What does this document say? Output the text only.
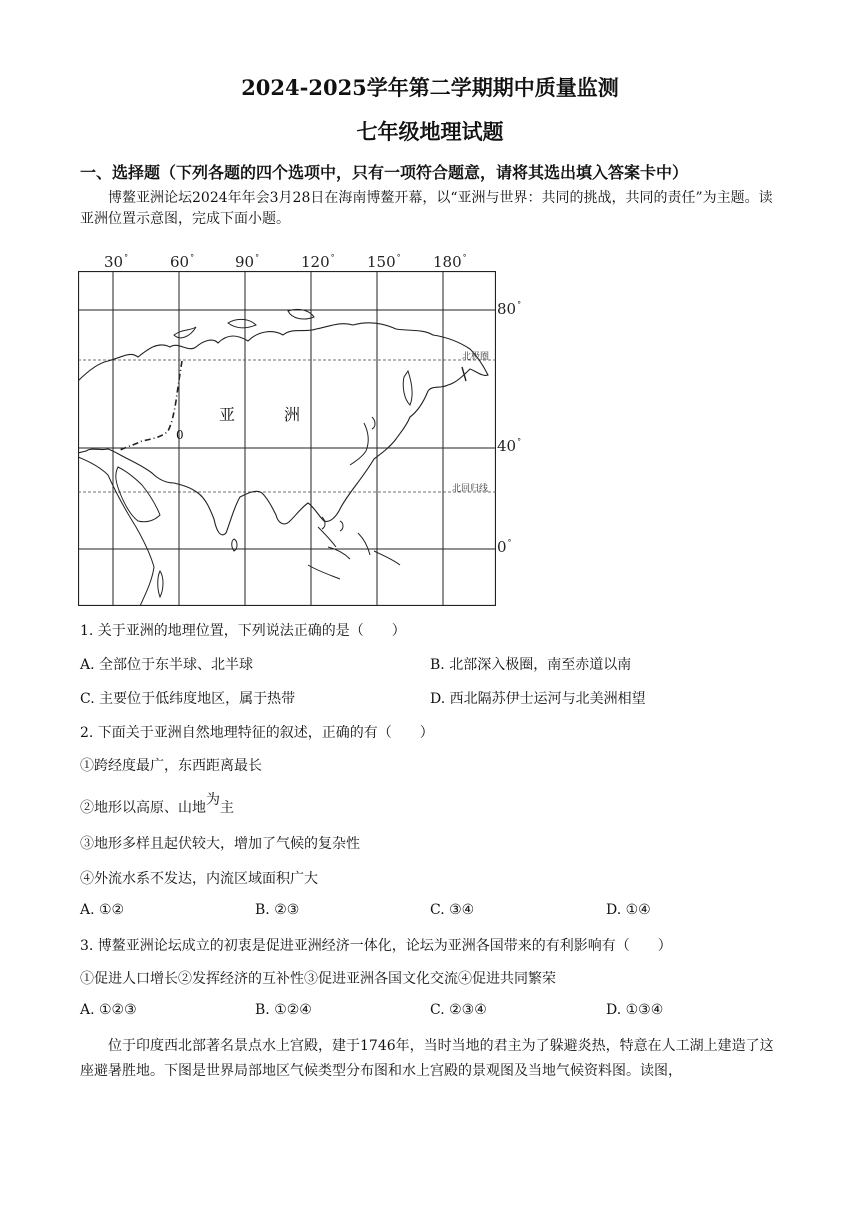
2024-2025学年第二学期期中质量监测
七年级地理试题
一、选择题（下列各题的四个选项中，只有一项符合题意，请将其选出填入答案卡中）
博鳌亚洲论坛2024年年会3月28日在海南博鳌开幕，以“亚洲与世界：共同的挑战，共同的责任”为主题。读亚洲位置示意图，完成下面小题。
30°	60°	90°	120° 150° 180°
80°
40°
0°
亚	洲
北极圈
北回归线
0
1. 关于亚洲的地理位置，下列说法正确的是（　　）
A. 全部位于东半球、北半球	B. 北部深入极圈，南至赤道以南
C. 主要位于低纬度地区，属于热带	D. 西北隔苏伊士运河与北美洲相望
2. 下面关于亚洲自然地理特征的叙述，正确的有（　　）
①跨经度最广，东西距离最长
②地形以高原、山地为主
③地形多样且起伏较大，增加了气候的复杂性
④外流水系不发达，内流区域面积广大
A. ①②	B. ②③	C. ③④	D. ①④
3. 博鳌亚洲论坛成立的初衷是促进亚洲经济一体化，论坛为亚洲各国带来的有利影响有（　　）
①促进人口增长②发挥经济的互补性③促进亚洲各国文化交流④促进共同繁荣
A. ①②③	B. ①②④	C. ②③④	D. ①③④
位于印度西北部著名景点水上宫殿，建于1746年，当时当地的君主为了躲避炎热，特意在人工湖上建造了这座避暑胜地。下图是世界局部地区气候类型分布图和水上宫殿的景观图及当地气候资料图。读图，
